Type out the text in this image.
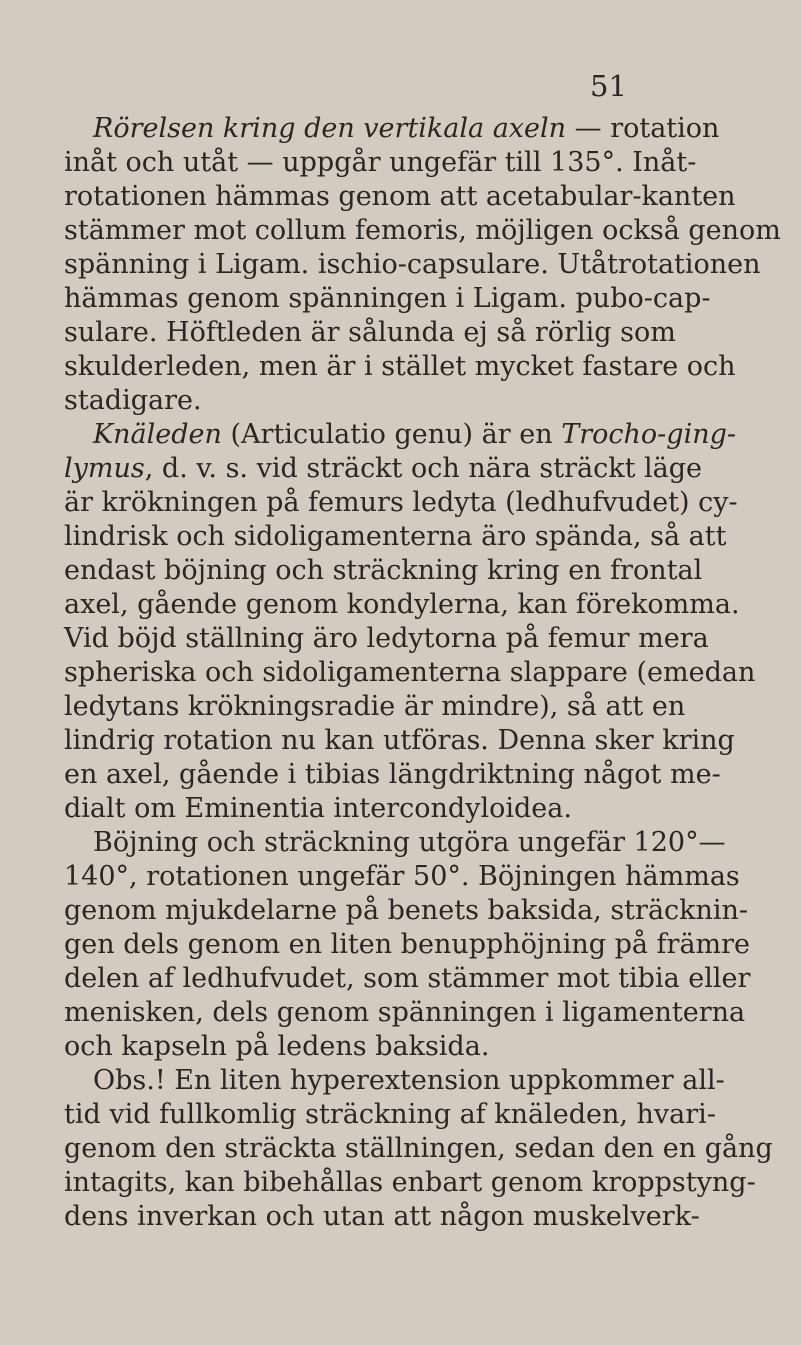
51
Rörelsen kring den vertikala axeln — rotation
inåt och utåt — uppgår ungefär till 135°. Inåt-
rotationen hämmas genom att acetabular-kanten
stämmer mot collum femoris, möjligen också genom
spänning i Ligam. ischio-capsulare. Utåtrotationen
hämmas genom spänningen i Ligam. pubo-cap-
sulare. Höftleden är sålunda ej så rörlig som
skulderleden, men är i stället mycket fastare och
stadigare.
Knäleden (Articulatio genu) är en Trocho-ging-
lymus, d. v. s. vid sträckt och nära sträckt läge
är krökningen på femurs ledyta (ledhufvudet) cy-
lindrisk och sidoligamenterna äro spända, så att
endast böjning och sträckning kring en frontal
axel, gående genom kondylerna, kan förekomma.
Vid böjd ställning äro ledytorna på femur mera
spheriska och sidoligamenterna slappare (emedan
ledytans krökningsradie är mindre), så att en
lindrig rotation nu kan utföras. Denna sker kring
en axel, gående i tibias längdriktning något me-
dialt om Eminentia intercondyloidea.
Böjning och sträckning utgöra ungefär 120°—
140°, rotationen ungefär 50°. Böjningen hämmas
genom mjukdelarne på benets baksida, sträcknin-
gen dels genom en liten benupphöjning på främre
delen af ledhufvudet, som stämmer mot tibia eller
menisken, dels genom spänningen i ligamenterna
och kapseln på ledens baksida.
Obs.! En liten hyperextension uppkommer all-
tid vid fullkomlig sträckning af knäleden, hvari-
genom den sträckta ställningen, sedan den en gång
intagits, kan bibehållas enbart genom kroppstyng-
dens inverkan och utan att någon muskelverk-
